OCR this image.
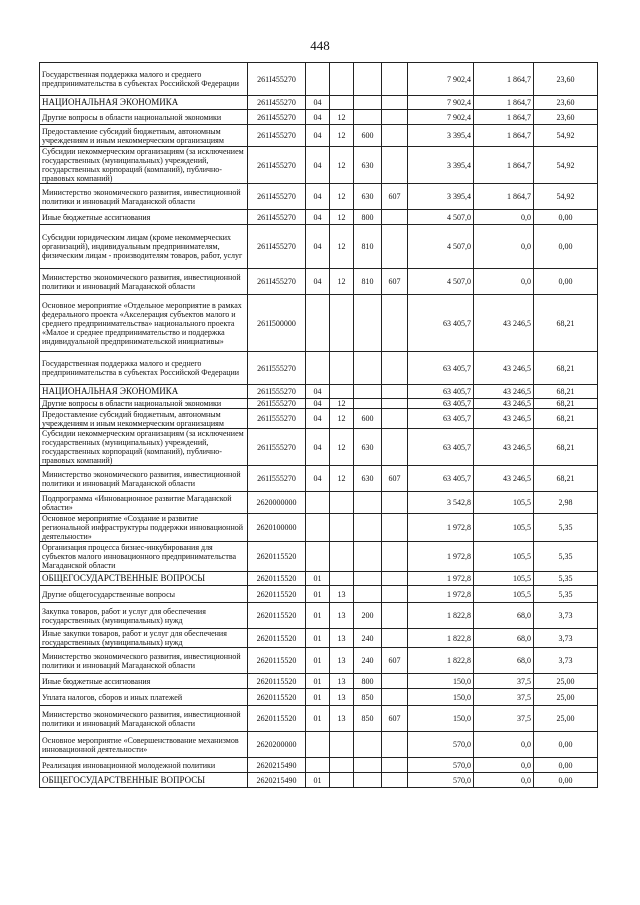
448
Государственная поддержка малого и среднего предпринимательства в субъектах Российской Федерации	261I455270					7 902,4	1 864,7	23,60
НАЦИОНАЛЬНАЯ ЭКОНОМИКА	261I455270	04				7 902,4	1 864,7	23,60
Другие вопросы в области национальной экономики	261I455270	04	12			7 902,4	1 864,7	23,60
Предоставление субсидий бюджетным, автономным учреждениям и иным некоммерческим организациям	261I455270	04	12	600		3 395,4	1 864,7	54,92
Субсидии некоммерческим организациям (за исключением государственных (муниципальных) учреждений, государственных корпораций (компаний), публично-правовых компаний)	261I455270	04	12	630		3 395,4	1 864,7	54,92
Министерство экономического развития, инвестиционной политики и инноваций Магаданской области	261I455270	04	12	630	607	3 395,4	1 864,7	54,92
Иные бюджетные ассигнования	261I455270	04	12	800		4 507,0	0,0	0,00
Субсидии юридическим лицам (кроме некоммерческих организаций), индивидуальным предпринимателям, физическим лицам - производителям товаров, работ, услуг	261I455270	04	12	810		4 507,0	0,0	0,00
Министерство экономического развития, инвестиционной политики и инноваций Магаданской области	261I455270	04	12	810	607	4 507,0	0,0	0,00
Основное мероприятие «Отдельное мероприятие в рамках федерального проекта «Акселерация субъектов малого и среднего предпринимательства» национального проекта «Малое и среднее предпринимательство и поддержка индивидуальной предпринимательской инициативы»	261I500000					63 405,7	43 246,5	68,21
Государственная поддержка малого и среднего предпринимательства в субъектах Российской Федерации	261I555270					63 405,7	43 246,5	68,21
НАЦИОНАЛЬНАЯ ЭКОНОМИКА	261I555270	04				63 405,7	43 246,5	68,21
Другие вопросы в области национальной экономики	261I555270	04	12			63 405,7	43 246,5	68,21
Предоставление субсидий бюджетным, автономным учреждениям и иным некоммерческим организациям	261I555270	04	12	600		63 405,7	43 246,5	68,21
Субсидии некоммерческим организациям (за исключением государственных (муниципальных) учреждений, государственных корпораций (компаний), публично-правовых компаний)	261I555270	04	12	630		63 405,7	43 246,5	68,21
Министерство экономического развития, инвестиционной политики и инноваций Магаданской области	261I555270	04	12	630	607	63 405,7	43 246,5	68,21
Подпрограмма «Инновационное развитие Магаданской области»	2620000000					3 542,8	105,5	2,98
Основное мероприятие «Создание и развитие региональной инфраструктуры поддержки инновационной деятельности»	2620100000					1 972,8	105,5	5,35
Организация процесса бизнес-инкубирования для субъектов малого инновационного предпринимательства Магаданской области	2620115520					1 972,8	105,5	5,35
ОБЩЕГОСУДАРСТВЕННЫЕ ВОПРОСЫ	2620115520	01				1 972,8	105,5	5,35
Другие общегосударственные вопросы	2620115520	01	13			1 972,8	105,5	5,35
Закупка товаров, работ и услуг для обеспечения государственных (муниципальных) нужд	2620115520	01	13	200		1 822,8	68,0	3,73
Иные закупки товаров, работ и услуг для обеспечения государственных (муниципальных) нужд	2620115520	01	13	240		1 822,8	68,0	3,73
Министерство экономического развития, инвестиционной политики и инноваций Магаданской области	2620115520	01	13	240	607	1 822,8	68,0	3,73
Иные бюджетные ассигнования	2620115520	01	13	800		150,0	37,5	25,00
Уплата налогов, сборов и иных платежей	2620115520	01	13	850		150,0	37,5	25,00
Министерство экономического развития, инвестиционной политики и инноваций Магаданской области	2620115520	01	13	850	607	150,0	37,5	25,00
Основное мероприятие «Совершенствование механизмов инновационной деятельности»	2620200000					570,0	0,0	0,00
Реализация инновационной молодежной политики	2620215490					570,0	0,0	0,00
ОБЩЕГОСУДАРСТВЕННЫЕ ВОПРОСЫ	2620215490	01				570,0	0,0	0,00
